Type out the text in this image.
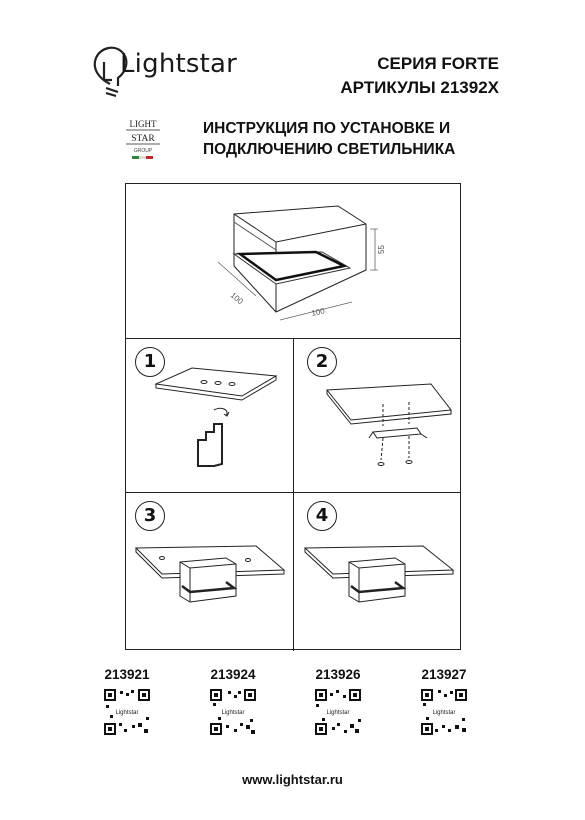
Lightstar	СЕРИЯ FORTE
АРТИКУЛЫ 21392X
LIGHT
STAR
GROUP
ИНСТРУКЦИЯ ПО УСТАНОВКЕ И
ПОДКЛЮЧЕНИЮ СВЕТИЛЬНИКА
55
100
100
1	2
3	4
213921	213924	213926	213927
Lightstar	Lightstar	Lightstar	Lightstar
www.lightstar.ru
